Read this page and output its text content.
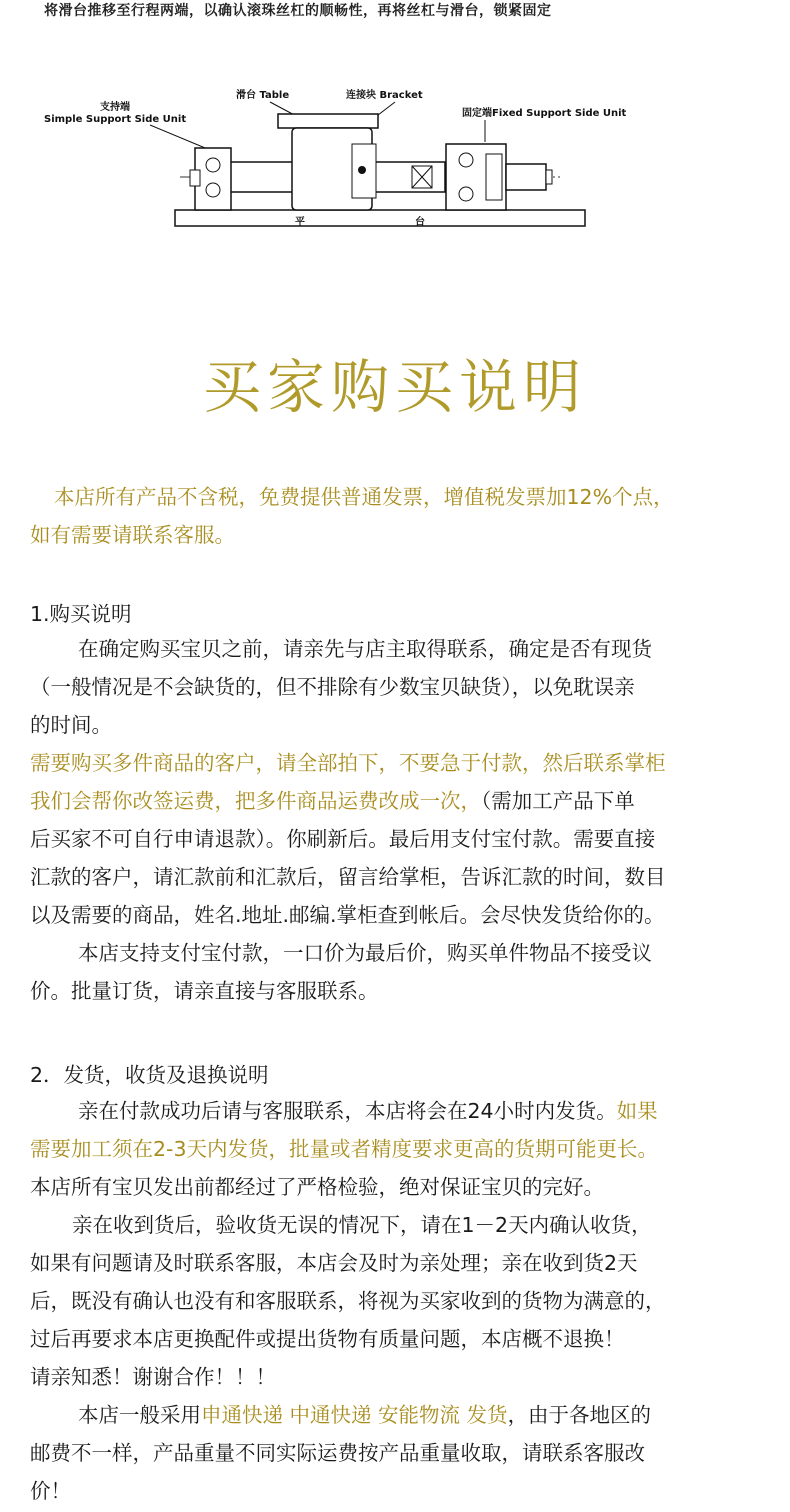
将滑台推移至行程两端，以确认滚珠丝杠的顺畅性，再将丝杠与滑台，锁紧固定
支持端
Simple Support Side Unit
滑台 Table	连接块 Bracket
固定端Fixed Support Side Unit
平	台
买家购买说明
本店所有产品不含税，免费提供普通发票，增值税发票加12%个点，
如有需要请联系客服。
1.购买说明
在确定购买宝贝之前，请亲先与店主取得联系，确定是否有现货
（一般情况是不会缺货的，但不排除有少数宝贝缺货），以免耽误亲
的时间。
需要购买多件商品的客户，请全部拍下，不要急于付款，然后联系掌柜
我们会帮你改签运费，把多件商品运费改成一次，（需加工产品下单
后买家不可自行申请退款）。你刷新后。最后用支付宝付款。需要直接
汇款的客户，请汇款前和汇款后，留言给掌柜，告诉汇款的时间，数目
以及需要的商品，姓名.地址.邮编.掌柜查到帐后。会尽快发货给你的。
本店支持支付宝付款，一口价为最后价，购买单件物品不接受议
价。批量订货，请亲直接与客服联系。
2．发货，收货及退换说明
亲在付款成功后请与客服联系，本店将会在24小时内发货。如果
需要加工须在2-3天内发货，批量或者精度要求更高的货期可能更长。
本店所有宝贝发出前都经过了严格检验，绝对保证宝贝的完好。
亲在收到货后，验收货无误的情况下，请在1－2天内确认收货，
如果有问题请及时联系客服，本店会及时为亲处理；亲在收到货2天
后，既没有确认也没有和客服联系，将视为买家收到的货物为满意的，
过后再要求本店更换配件或提出货物有质量问题，本店概不退换！
请亲知悉！谢谢合作！！！
本店一般采用申通快递 中通快递 安能物流 发货，由于各地区的
邮费不一样，产品重量不同实际运费按产品重量收取，请联系客服改
价！
